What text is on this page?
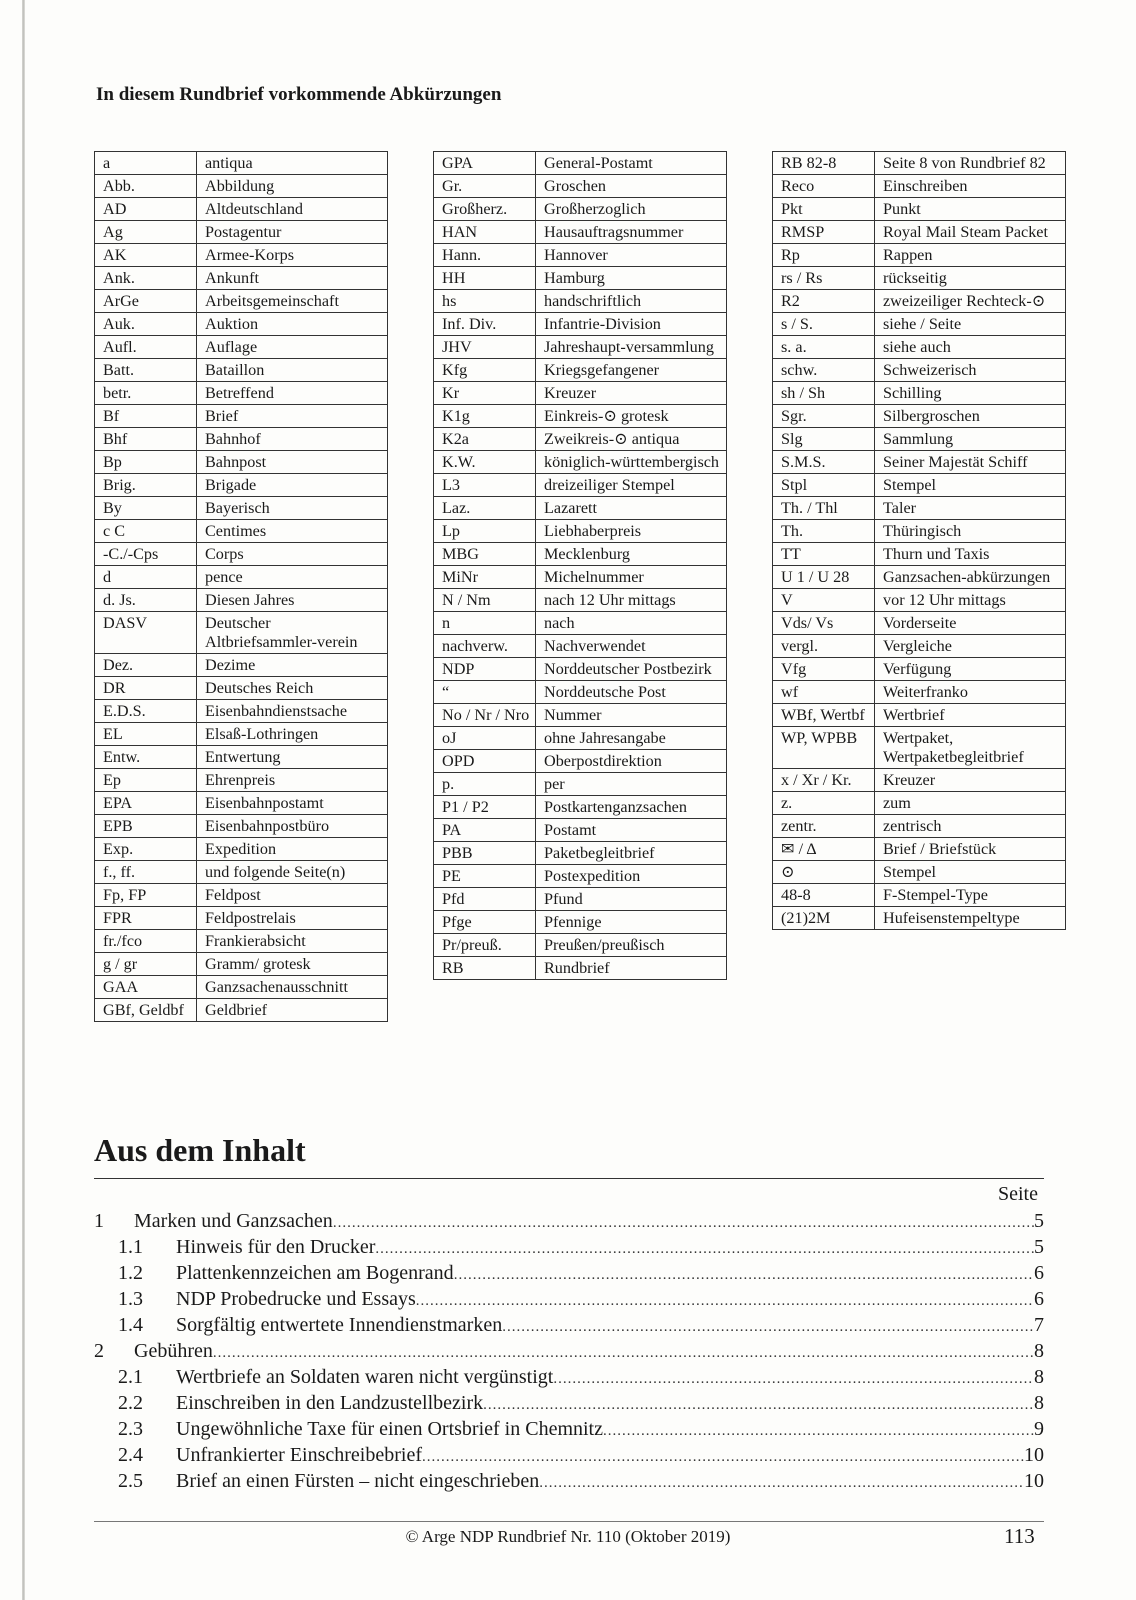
In diesem Rundbrief vorkommende Abkürzungen
a	antiqua
Abb.	Abbildung
AD	Altdeutschland
Ag	Postagentur
AK	Armee-Korps
Ank.	Ankunft
ArGe	Arbeitsgemeinschaft
Auk.	Auktion
Aufl.	Auflage
Batt.	Bataillon
betr.	Betreffend
Bf	Brief
Bhf	Bahnhof
Bp	Bahnpost
Brig.	Brigade
By	Bayerisch
c C	Centimes
-C./-Cps	Corps
d	pence
d. Js.	Diesen Jahres
DASV	Deutscher Altbriefsammler-verein
Dez.	Dezime
DR	Deutsches Reich
E.D.S.	Eisenbahndienstsache
EL	Elsaß-Lothringen
Entw.	Entwertung
Ep	Ehrenpreis
EPA	Eisenbahnpostamt
EPB	Eisenbahnpostbüro
Exp.	Expedition
f., ff.	und folgende Seite(n)
Fp, FP	Feldpost
FPR	Feldpostrelais
fr./fco	Frankierabsicht
g / gr	Gramm/ grotesk
GAA	Ganzsachenausschnitt
GBf, Geldbf	Geldbrief
GPA	General-Postamt
Gr.	Groschen
Großherz.	Großherzoglich
HAN	Hausauftragsnummer
Hann.	Hannover
HH	Hamburg
hs	handschriftlich
Inf. Div.	Infantrie-Division
JHV	Jahreshaupt-versammlung
Kfg	Kriegsgefangener
Kr	Kreuzer
K1g	Einkreis-⊙ grotesk
K2a	Zweikreis-⊙ antiqua
K.W.	königlich-württembergisch
L3	dreizeiliger Stempel
Laz.	Lazarett
Lp	Liebhaberpreis
MBG	Mecklenburg
MiNr	Michelnummer
N / Nm	nach 12 Uhr mittags
n	nach
nachverw.	Nachverwendet
NDP	Norddeutscher Postbezirk
“	Norddeutsche Post
No / Nr / Nro	Nummer
oJ	ohne Jahresangabe
OPD	Oberpostdirektion
p.	per
P1 / P2	Postkartenganzsachen
PA	Postamt
PBB	Paketbegleitbrief
PE	Postexpedition
Pfd	Pfund
Pfge	Pfennige
Pr/preuß.	Preußen/preußisch
RB	Rundbrief
RB 82-8	Seite 8 von Rundbrief 82
Reco	Einschreiben
Pkt	Punkt
RMSP	Royal Mail Steam Packet
Rp	Rappen
rs / Rs	rückseitig
R2	zweizeiliger Rechteck-⊙
s / S.	siehe / Seite
s. a.	siehe auch
schw.	Schweizerisch
sh / Sh	Schilling
Sgr.	Silbergroschen
Slg	Sammlung
S.M.S.	Seiner Majestät Schiff
Stpl	Stempel
Th. / Thl	Taler
Th.	Thüringisch
TT	Thurn und Taxis
U 1 / U 28	Ganzsachen-abkürzungen
V	vor 12 Uhr mittags
Vds/ Vs	Vorderseite
vergl.	Vergleiche
Vfg	Verfügung
wf	Weiterfranko
WBf, Wertbf	Wertbrief
WP, WPBB	Wertpaket, Wertpaketbegleitbrief
x / Xr / Kr.	Kreuzer
z.	zum
zentr.	zentrisch
✉ / Δ	Brief / Briefstück
⊙	Stempel
48-8	F-Stempel-Type
(21)2M	Hufeisenstempeltype
Aus dem Inhalt
Seite
1	Marken und Ganzsachen .....	5
1.1	Hinweis für den Drucker .....	5
1.2	Plattenkennzeichen am Bogenrand .....	6
1.3	NDP Probedrucke und Essays .....	6
1.4	Sorgfältig entwertete Innendienstmarken .....	7
2	Gebühren .....	8
2.1	Wertbriefe an Soldaten waren nicht vergünstigt .....	8
2.2	Einschreiben in den Landzustellbezirk .....	8
2.3	Ungewöhnliche Taxe für einen Ortsbrief in Chemnitz .....	9
2.4	Unfrankierter Einschreibebrief .....	10
2.5	Brief an einen Fürsten – nicht eingeschrieben .....	10
© Arge NDP Rundbrief Nr. 110 (Oktober 2019)	113
